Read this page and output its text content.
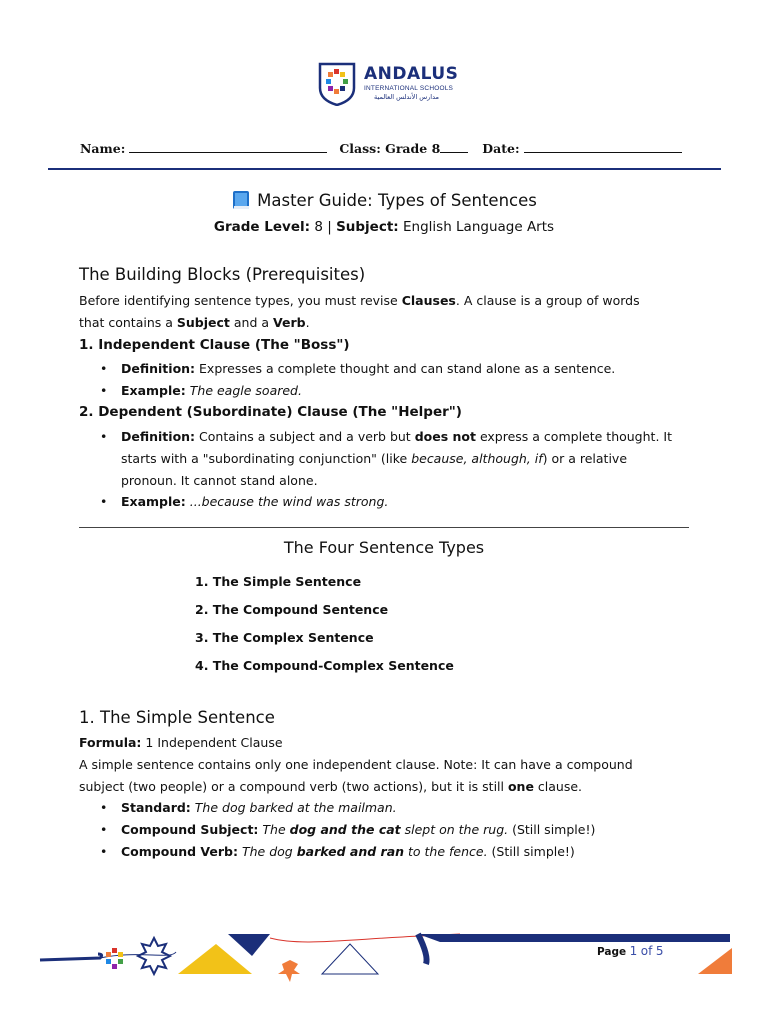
ANDALUS
INTERNATIONAL SCHOOLS
مدارس الأندلس العالمية
Name:	Class: Grade 8	Date:
Master Guide: Types of Sentences
Grade Level: 8 | Subject: English Language Arts
The Building Blocks (Prerequisites)
Before identifying sentence types, you must revise Clauses. A clause is a group of words
that contains a Subject and a Verb.
1. Independent Clause (The "Boss")
• Definition: Expresses a complete thought and can stand alone as a sentence.
• Example: The eagle soared.
2. Dependent (Subordinate) Clause (The "Helper")
• Definition: Contains a subject and a verb but does not express a complete thought. It
starts with a "subordinating conjunction" (like because, although, if) or a relative
pronoun. It cannot stand alone.
• Example: ...because the wind was strong.
The Four Sentence Types
1. The Simple Sentence
2. The Compound Sentence
3. The Complex Sentence
4. The Compound-Complex Sentence
1. The Simple Sentence
Formula: 1 Independent Clause
A simple sentence contains only one independent clause. Note: It can have a compound
subject (two people) or a compound verb (two actions), but it is still one clause.
• Standard: The dog barked at the mailman.
• Compound Subject: The dog and the cat slept on the rug. (Still simple!)
• Compound Verb: The dog barked and ran to the fence. (Still simple!)
Page 1 of 5
